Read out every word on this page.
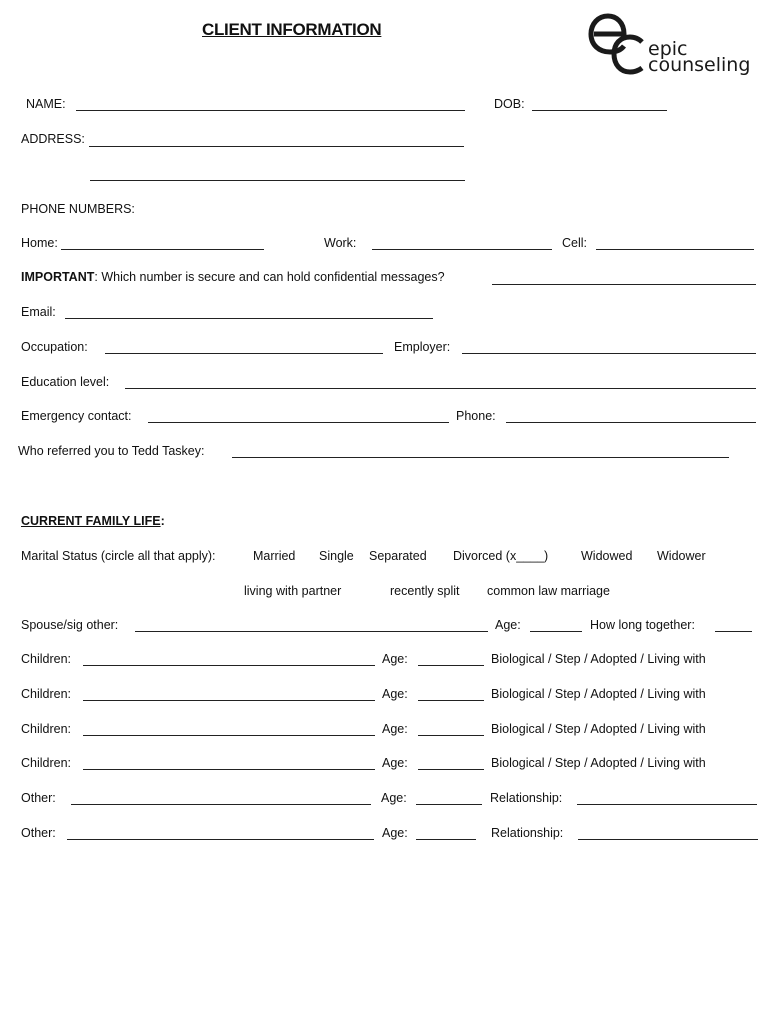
CLIENT INFORMATION
epic
counseling
NAME:	DOB:
ADDRESS:
PHONE NUMBERS:
Home:	Work:	Cell:
IMPORTANT: Which number is secure and can hold confidential messages?
Email:
Occupation:	Employer:
Education level:
Emergency contact:	Phone:
Who referred you to Tedd Taskey:
CURRENT FAMILY LIFE:
Marital Status (circle all that apply):	Married Single Separated Divorced (x____)	Widowed Widower
living with partner	recently split common law marriage
Spouse/sig other:	Age:	How long together:
Children:	Age:	Biological / Step / Adopted / Living with
Children:	Age:	Biological / Step / Adopted / Living with
Children:	Age:	Biological / Step / Adopted / Living with
Children:	Age:	Biological / Step / Adopted / Living with
Other:	Age:	Relationship:
Other:	Age:	Relationship:
